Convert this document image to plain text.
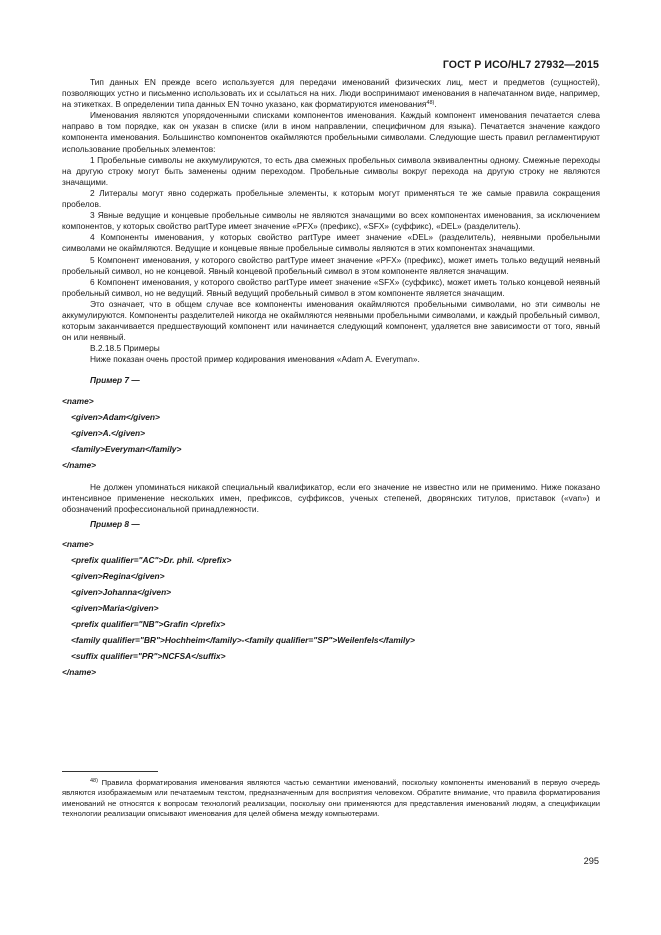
ГОСТ Р ИСО/HL7 27932—2015

Тип данных EN прежде всего используется для передачи именований физических лиц, мест и предметов (сущностей), позволяющих устно и письменно использовать их и ссылаться на них. Люди воспринимают именования в напечатанном виде, например, на этикетках. В определении типа данных EN точно указано, как форматируются именования$^{48)}$.

Именования являются упорядоченными списками компонентов именования. Каждый компонент именования печатается слева направо в том порядке, как он указан в списке (или в ином направлении, специфичном для языка). Печатается значение каждого компонента именования. Большинство компонентов окаймляются пробельными символами. Следующие шесть правил регламентируют использование пробельных элементов:

1 Пробельные символы не аккумулируются, то есть два смежных пробельных символа эквивалентны одному. Смежные переходы на другую строку могут быть заменены одним переходом. Пробельные символы вокруг перехода на другую строку не являются значащими.

2 Литералы могут явно содержать пробельные элементы, к которым могут применяться те же самые правила сокращения пробелов.

3 Явные ведущие и концевые пробельные символы не являются значащими во всех компонентах именования, за исключением компонентов, у которых свойство partType имеет значение «PFX» (префикс), «SFX» (суффикс), «DEL» (разделитель).

4 Компоненты именования, у которых свойство partType имеет значение «DEL» (разделитель), неявными пробельными символами не окаймляются. Ведущие и концевые явные пробельные символы являются в этих компонентах значащими.

5 Компонент именования, у которого свойство partType имеет значение «PFX» (префикс), может иметь только ведущий неявный пробельный символ, но не концевой. Явный концевой пробельный символ в этом компоненте является значащим.

6 Компонент именования, у которого свойство partType имеет значение «SFX» (суффикс), может иметь только концевой неявный пробельный символ, но не ведущий. Явный ведущий пробельный символ в этом компоненте является значащим.

Это означает, что в общем случае все компоненты именования окаймляются пробельными символами, но эти символы не аккумулируются. Компоненты разделителей никогда не окаймляются неявными пробельными символами, и каждый пробельный символ, которым заканчивается предшествующий компонент или начинается следующий компонент, удаляется вне зависимости от того, явный он или неявный.

B.2.18.5 Примеры

Ниже показан очень простой пример кодирования именования «Adam A. Everyman».

Пример 7 —

<name>
<given>Adam</given>
<given>A.</given>
<family>Everyman</family>
</name>

Не должен упоминаться никакой специальный квалификатор, если его значение не известно или не применимо. Ниже показано интенсивное применение нескольких имен, префиксов, суффиксов, ученых степеней, дворянских титулов, приставок («van») и обозначений профессиональной принадлежности.

Пример 8 —

<name>
<prefix qualifier="AC">Dr. phil. </prefix>
<given>Regina</given>
<given>Johanna</given>
<given>Maria</given>
<prefix qualifier="NB">Grafin </prefix>
<family qualifier="BR">Hochheim</family>-<family qualifier="SP">Weilenfels</family>
<suffix qualifier="PR">NCFSA</suffix>
</name>

$^{48)}$ Правила форматирования именования являются частью семантики именований, поскольку компоненты именований в первую очередь являются изображаемым или печатаемым текстом, предназначенным для восприятия человеком. Обратите внимание, что правила форматирования именований не относятся к вопросам технологий реализации, поскольку они применяются для представления именований людям, а спецификации технологии реализации описывают именования для целей обмена между компьютерами.

295
